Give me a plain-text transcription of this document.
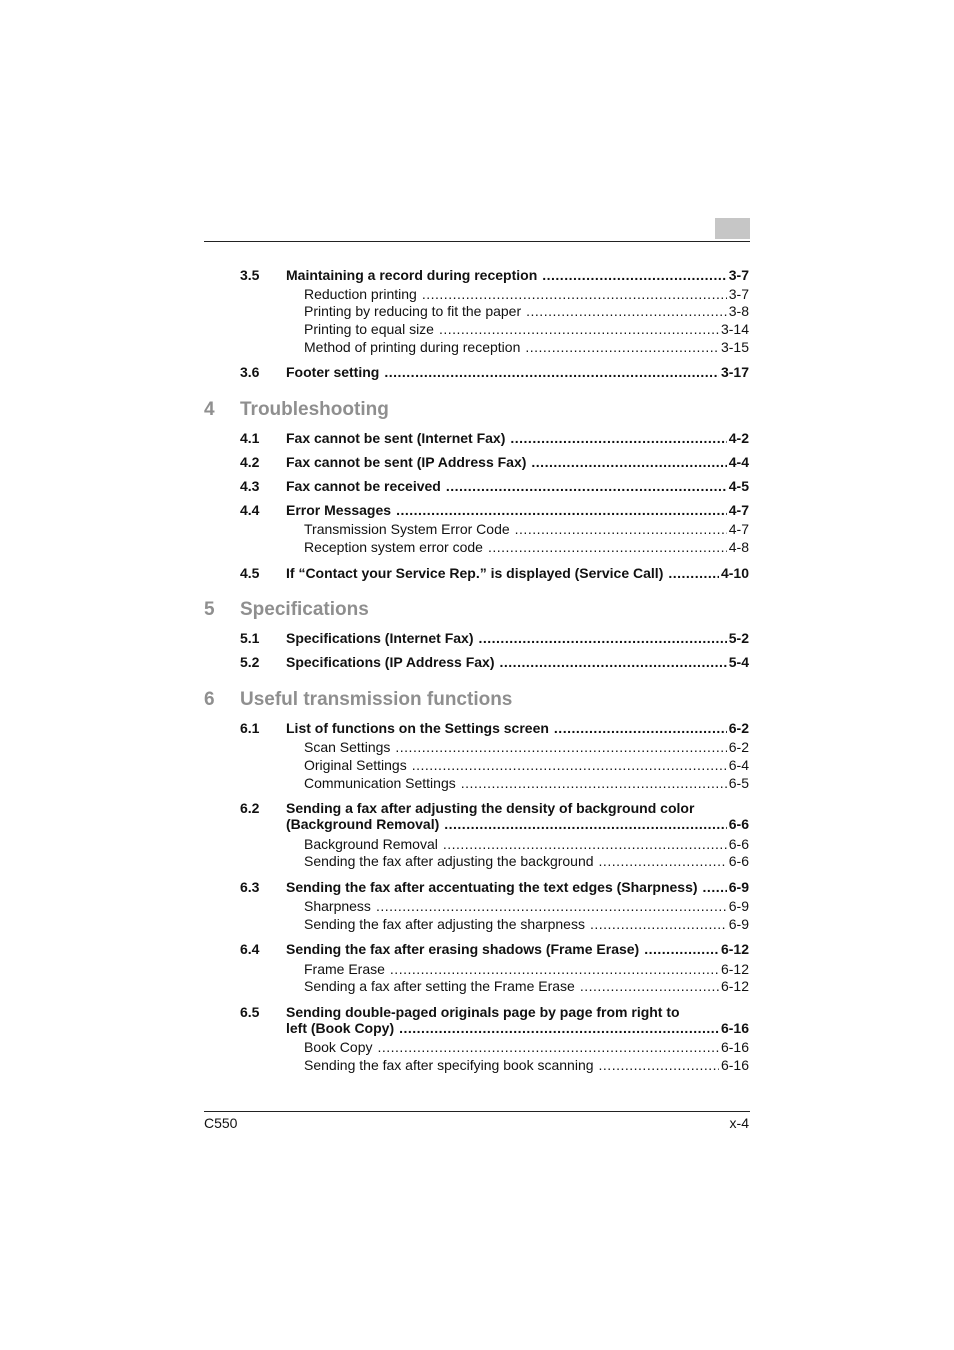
3.5 Maintaining a record during reception .....	3-7
Reduction printing .....	3-7
Printing by reducing to fit the paper .....	3-8
Printing to equal size .....	3-14
Method of printing during reception .....	3-15
3.6 Footer setting .....	3-17
4 Troubleshooting
4.1 Fax cannot be sent (Internet Fax) .....	4-2
4.2 Fax cannot be sent (IP Address Fax) .....	4-4
4.3 Fax cannot be received .....	4-5
4.4 Error Messages .....	4-7
Transmission System Error Code .....	4-7
Reception system error code .....	4-8
4.5 If “Contact your Service Rep.” is displayed (Service Call) .....	4-10
5 Specifications
5.1 Specifications (Internet Fax) .....	5-2
5.2 Specifications (IP Address Fax) .....	5-4
6 Useful transmission functions
6.1 List of functions on the Settings screen .....	6-2
Scan Settings .....	6-2
Original Settings .....	6-4
Communication Settings .....	6-5
6.2 Sending a fax after adjusting the density of background color
(Background Removal) .....	6-6
Background Removal .....	6-6
Sending the fax after adjusting the background .....	6-6
6.3 Sending the fax after accentuating the text edges (Sharpness) ..... 6-9
Sharpness .....	6-9
Sending the fax after adjusting the sharpness .....	6-9
6.4 Sending the fax after erasing shadows (Frame Erase) .....	6-12
Frame Erase .....	6-12
Sending a fax after setting the Frame Erase .....	6-12
6.5 Sending double-paged originals page by page from right to
left (Book Copy) .....	6-16
Book Copy .....	6-16
Sending the fax after specifying book scanning .....	6-16
C550	x-4
